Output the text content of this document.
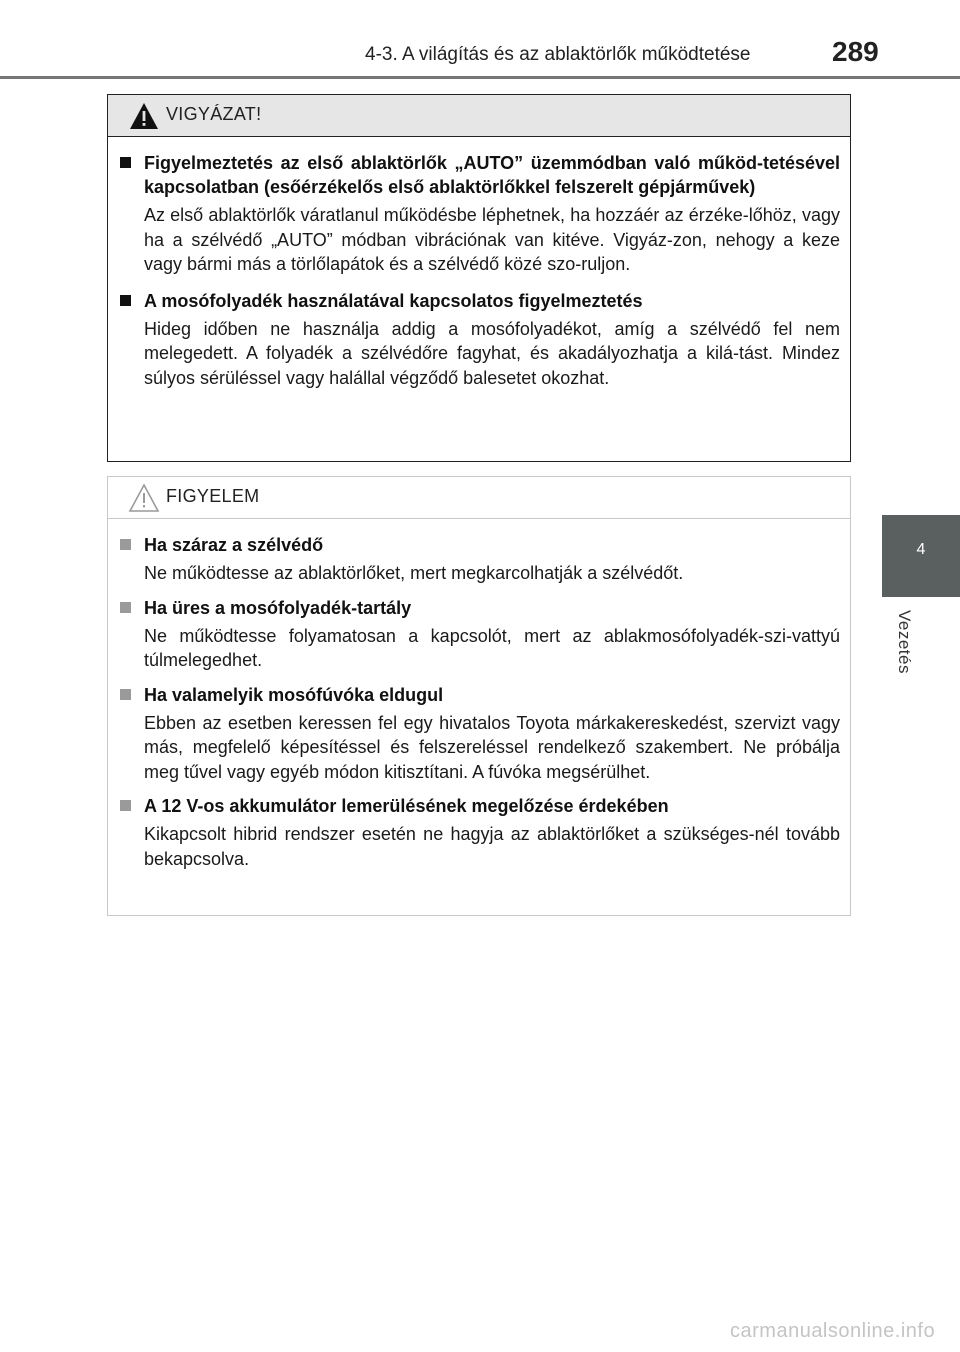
4-3. A világítás és az ablaktörlők működtetése	289
4
Vezetés
VIGYÁZAT!
Figyelmeztetés az első ablaktörlők „AUTO” üzemmódban való működ-tetésével kapcsolatban (esőérzékelős első ablaktörlőkkel felszerelt gépjárművek)
Az első ablaktörlők váratlanul működésbe léphetnek, ha hozzáér az érzéke-lőhöz, vagy ha a szélvédő „AUTO” módban vibrációnak van kitéve. Vigyáz-zon, nehogy a keze vagy bármi más a törlőlapátok és a szélvédő közé szo-ruljon.
A mosófolyadék használatával kapcsolatos figyelmeztetés
Hideg időben ne használja addig a mosófolyadékot, amíg a szélvédő fel nem melegedett. A folyadék a szélvédőre fagyhat, és akadályozhatja a kilá-tást. Mindez súlyos sérüléssel vagy halállal végződő balesetet okozhat.
FIGYELEM
Ha száraz a szélvédő
Ne működtesse az ablaktörlőket, mert megkarcolhatják a szélvédőt.
Ha üres a mosófolyadék-tartály
Ne működtesse folyamatosan a kapcsolót, mert az ablakmosófolyadék-szi-vattyú túlmelegedhet.
Ha valamelyik mosófúvóka eldugul
Ebben az esetben keressen fel egy hivatalos Toyota márkakereskedést, szervizt vagy más, megfelelő képesítéssel és felszereléssel rendelkező szakembert. Ne próbálja meg tűvel vagy egyéb módon kitisztítani. A fúvóka megsérülhet.
A 12 V-os akkumulátor lemerülésének megelőzése érdekében
Kikapcsolt hibrid rendszer esetén ne hagyja az ablaktörlőket a szükséges-nél tovább bekapcsolva.
carmanualsonline.info
